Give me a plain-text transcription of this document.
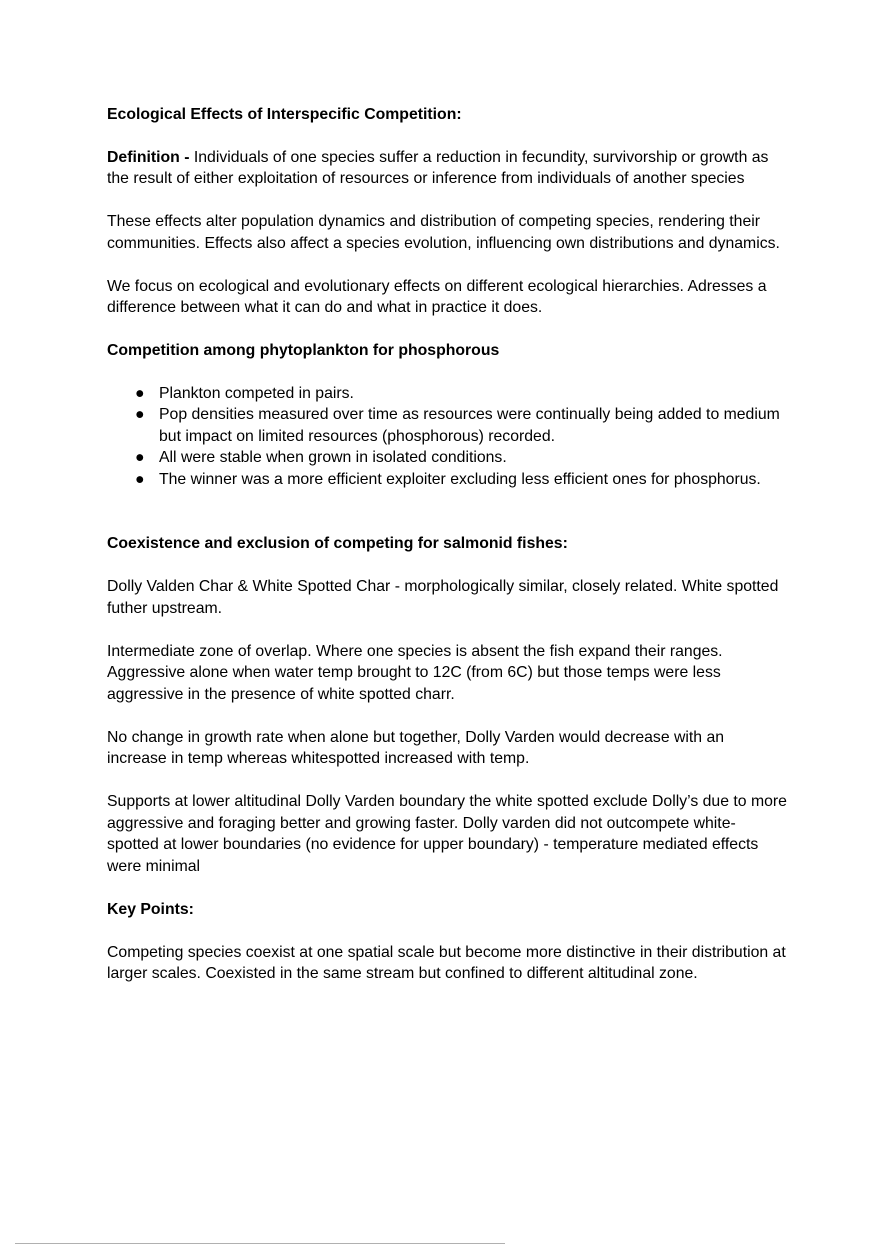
Ecological Effects of Interspecific Competition:

Definition - Individuals of one species suffer a reduction in fecundity, survivorship or growth as the result of either exploitation of resources or inference from individuals of another species

These effects alter population dynamics and distribution of competing species, rendering their communities. Effects also affect a species evolution, influencing own distributions and dynamics.

We focus on ecological and evolutionary effects on different ecological hierarchies. Adresses a difference between what it can do and what in practice it does.

Competition among phytoplankton for phosphorous

● Plankton competed in pairs.
● Pop densities measured over time as resources were continually being added to medium but impact on limited resources (phosphorous) recorded.
● All were stable when grown in isolated conditions.
● The winner was a more efficient exploiter excluding less efficient ones for phosphorus.

Coexistence and exclusion of competing for salmonid fishes:

Dolly Valden Char & White Spotted Char - morphologically similar, closely related. White spotted futher upstream.

Intermediate zone of overlap. Where one species is absent the fish expand their ranges. Aggressive alone when water temp brought to 12C (from 6C) but those temps were less aggressive in the presence of white spotted charr.

No change in growth rate when alone but together, Dolly Varden would decrease with an increase in temp whereas whitespotted increased with temp.

Supports at lower altitudinal Dolly Varden boundary the white spotted exclude Dolly’s due to more aggressive and foraging better and growing faster. Dolly varden did not outcompete white-spotted at lower boundaries (no evidence for upper boundary) - temperature mediated effects were minimal

Key Points:

Competing species coexist at one spatial scale but become more distinctive in their distribution at larger scales. Coexisted in the same stream but confined to different altitudinal zone.
